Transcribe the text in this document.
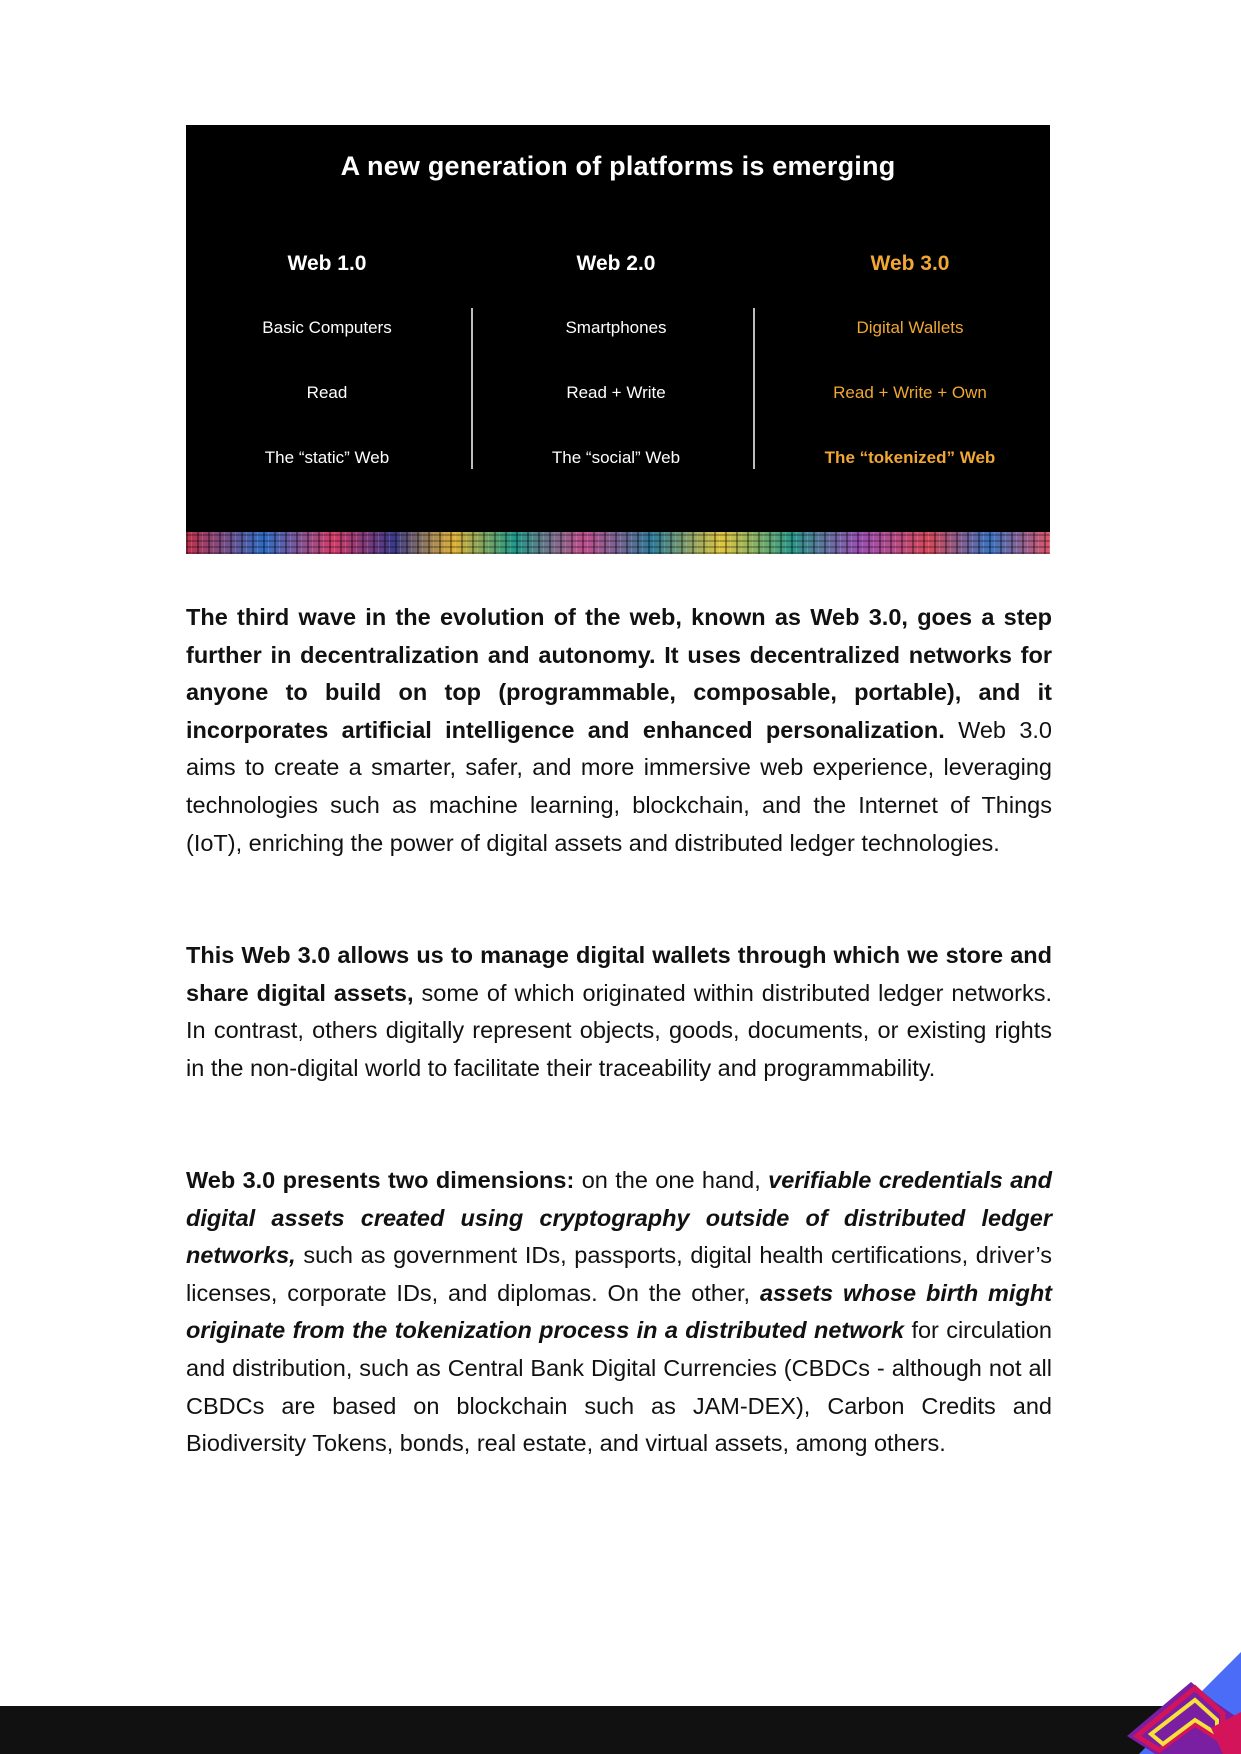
A new generation of platforms is emerging
Web 1.0
Basic Computers
Read
The “static” Web
Web 2.0
Smartphones
Read + Write
The “social” Web
Web 3.0
Digital Wallets
Read + Write + Own
The “tokenized” Web

The third wave in the evolution of the web, known as Web 3.0, goes a step further in decentralization and autonomy. It uses decentralized networks for anyone to build on top (programmable, composable, portable), and it incorporates artificial intelligence and enhanced personalization. Web 3.0 aims to create a smarter, safer, and more immersive web experience, leveraging technologies such as machine learning, blockchain, and the Internet of Things (IoT), enriching the power of digital assets and distributed ledger technologies.

This Web 3.0 allows us to manage digital wallets through which we store and share digital assets, some of which originated within distributed ledger networks. In contrast, others digitally represent objects, goods, documents, or existing rights in the non-digital world to facilitate their traceability and programmability.

Web 3.0 presents two dimensions: on the one hand, verifiable credentials and digital assets created using cryptography outside of distributed ledger networks, such as government IDs, passports, digital health certifications, driver’s licenses, corporate IDs, and diplomas. On the other, assets whose birth might originate from the tokenization process in a distributed network for circulation and distribution, such as Central Bank Digital Currencies (CBDCs - although not all CBDCs are based on blockchain such as JAM-DEX), Carbon Credits and Biodiversity Tokens, bonds, real estate, and virtual assets, among others.
